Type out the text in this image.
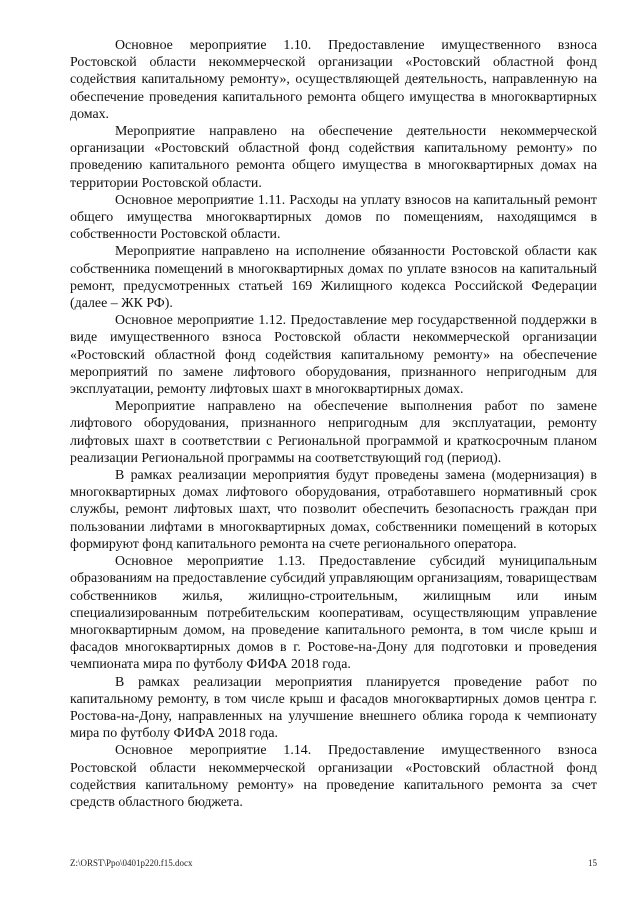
Основное мероприятие 1.10. Предоставление имущественного взноса Ростовской области некоммерческой организации «Ростовский областной фонд содействия капитальному ремонту», осуществляющей деятельность, направленную на обеспечение проведения капитального ремонта общего имущества в многоквартирных домах.

Мероприятие направлено на обеспечение деятельности некоммерческой организации «Ростовский областной фонд содействия капитальному ремонту» по проведению капитального ремонта общего имущества в многоквартирных домах на территории Ростовской области.

Основное мероприятие 1.11. Расходы на уплату взносов на капитальный ремонт общего имущества многоквартирных домов по помещениям, находящимся в собственности Ростовской области.

Мероприятие направлено на исполнение обязанности Ростовской области как собственника помещений в многоквартирных домах по уплате взносов на капитальный ремонт, предусмотренных статьей 169 Жилищного кодекса Российской Федерации (далее – ЖК РФ).

Основное мероприятие 1.12. Предоставление мер государственной поддержки в виде имущественного взноса Ростовской области некоммерческой организации «Ростовский областной фонд содействия капитальному ремонту» на обеспечение мероприятий по замене лифтового оборудования, признанного непригодным для эксплуатации, ремонту лифтовых шахт в многоквартирных домах.

Мероприятие направлено на обеспечение выполнения работ по замене лифтового оборудования, признанного непригодным для эксплуатации, ремонту лифтовых шахт в соответствии с Региональной программой и краткосрочным планом реализации Региональной программы на соответствующий год (период).

В рамках реализации мероприятия будут проведены замена (модернизация) в многоквартирных домах лифтового оборудования, отработавшего нормативный срок службы, ремонт лифтовых шахт, что позволит обеспечить безопасность граждан при пользовании лифтами в многоквартирных домах, собственники помещений в которых формируют фонд капитального ремонта на счете регионального оператора.

Основное мероприятие 1.13. Предоставление субсидий муниципальным образованиям на предоставление субсидий управляющим организациям, товариществам собственников жилья, жилищно-строительным, жилищным или иным специализированным потребительским кооперативам, осуществляющим управление многоквартирным домом, на проведение капитального ремонта, в том числе крыш и фасадов многоквартирных домов в г. Ростове-на-Дону для подготовки и проведения чемпионата мира по футболу ФИФА 2018 года.

В рамках реализации мероприятия планируется проведение работ по капитальному ремонту, в том числе крыш и фасадов многоквартирных домов центра г. Ростова-на-Дону, направленных на улучшение внешнего облика города к чемпионату мира по футболу ФИФА 2018 года.

Основное мероприятие 1.14. Предоставление имущественного взноса Ростовской области некоммерческой организации «Ростовский областной фонд содействия капитальному ремонту» на проведение капитального ремонта за счет средств областного бюджета.

Z:\ORST\Ppo\0401p220.f15.docx	15
